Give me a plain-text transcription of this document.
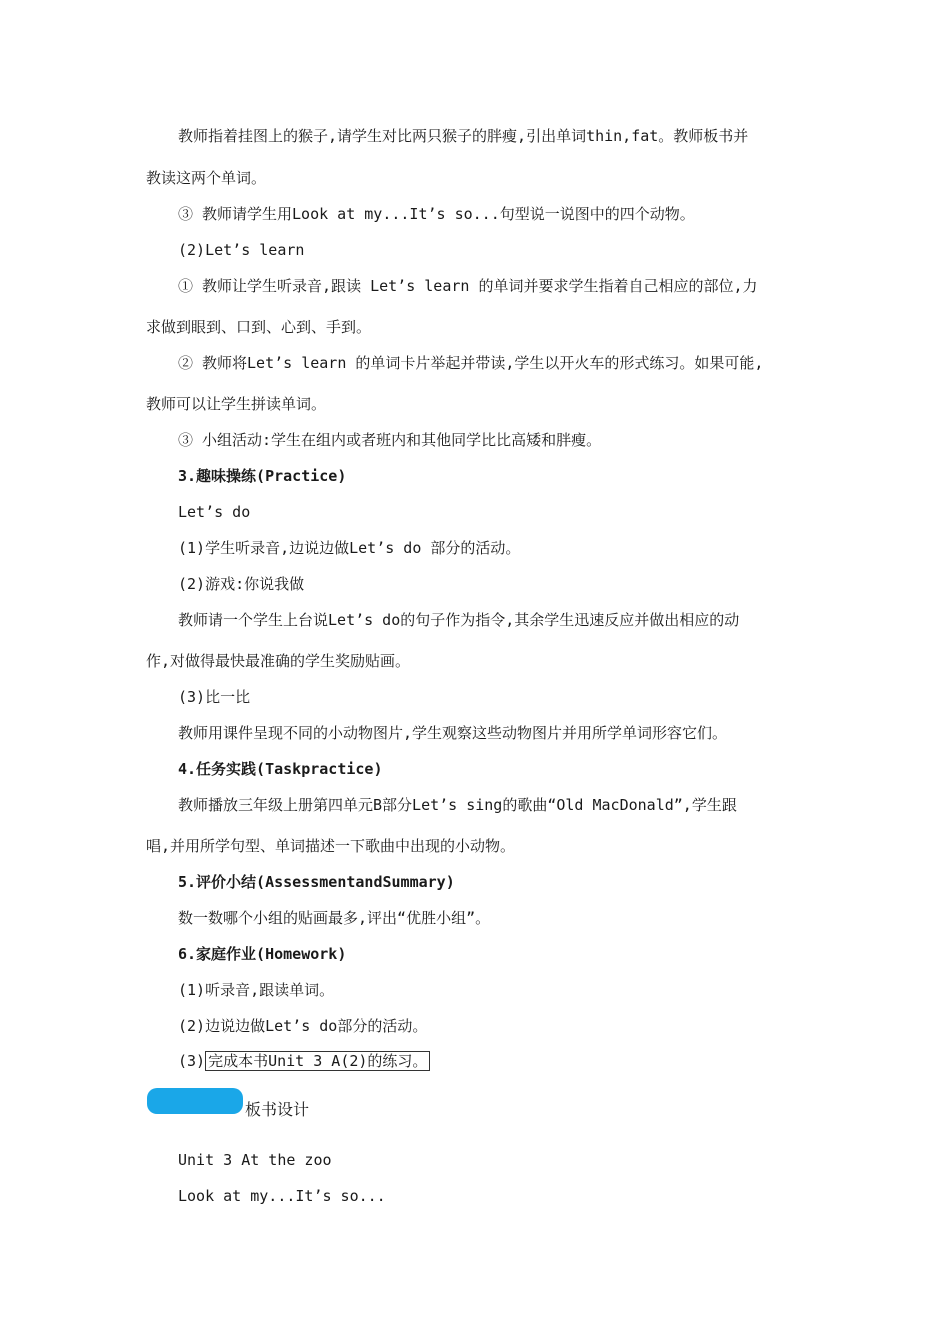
教师指着挂图上的猴子,请学生对比两只猴子的胖瘦,引出单词thin,fat。教师板书并
教读这两个单词。
③ 教师请学生用Look at my...It’s so...句型说一说图中的四个动物。
(2)Let’s learn
① 教师让学生听录音,跟读 Let’s learn 的单词并要求学生指着自己相应的部位,力
求做到眼到、口到、心到、手到。
② 教师将Let’s learn 的单词卡片举起并带读,学生以开火车的形式练习。如果可能,
教师可以让学生拼读单词。
③ 小组活动:学生在组内或者班内和其他同学比比高矮和胖瘦。
3.趣味操练(Practice)
Let’s do
(1)学生听录音,边说边做Let’s do 部分的活动。
(2)游戏:你说我做
教师请一个学生上台说Let’s do的句子作为指令,其余学生迅速反应并做出相应的动
作,对做得最快最准确的学生奖励贴画。
(3)比一比
教师用课件呈现不同的小动物图片,学生观察这些动物图片并用所学单词形容它们。
4.任务实践(Taskpractice)
教师播放三年级上册第四单元B部分Let’s sing的歌曲“Old MacDonald”,学生跟
唱,并用所学句型、单词描述一下歌曲中出现的小动物。
5.评价小结(AssessmentandSummary)
数一数哪个小组的贴画最多,评出“优胜小组”。
6.家庭作业(Homework)
(1)听录音,跟读单词。
(2)边说边做Let’s do部分的活动。
(3) 完成本书Unit 3 A(2)的练习。
板书设计
Unit 3 At the zoo
Look at my...It’s so...
